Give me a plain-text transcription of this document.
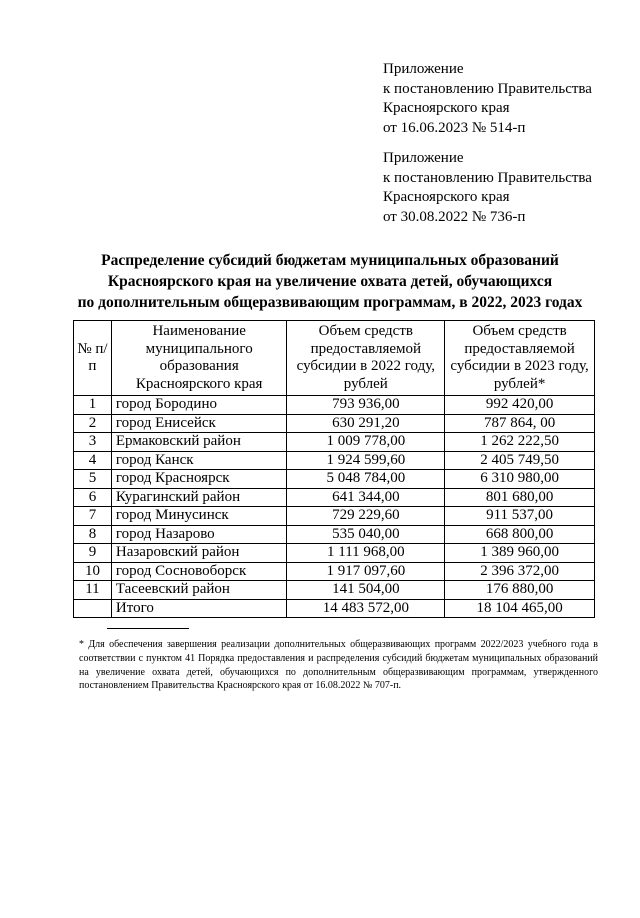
Приложение
к постановлению Правительства
Красноярского края
от 16.06.2023 № 514-п
Приложение
к постановлению Правительства
Красноярского края
от 30.08.2022 № 736-п
Распределение субсидий бюджетам муниципальных образований
Красноярского края на увеличение охвата детей, обучающихся
по дополнительным общеразвивающим программам, в 2022, 2023 годах
№ п/п	Наименование муниципального образования Красноярского края	Объем средств предоставляемой субсидии в 2022 году, рублей	Объем средств предоставляемой субсидии в 2023 году, рублей*
1	город Бородино	793 936,00	992 420,00
2	город Енисейск	630 291,20	787 864, 00
3	Ермаковский район	1 009 778,00	1 262 222,50
4	город Канск	1 924 599,60	2 405 749,50
5	город Красноярск	5 048 784,00	6 310 980,00
6	Курагинский район	641 344,00	801 680,00
7	город Минусинск	729 229,60	911 537,00
8	город Назарово	535 040,00	668 800,00
9	Назаровский район	1 111 968,00	1 389 960,00
10	город Сосновоборск	1 917 097,60	2 396 372,00
11	Тасеевский район	141 504,00	176 880,00
	Итого	14 483 572,00	18 104 465,00
* Для обеспечения завершения реализации дополнительных общеразвивающих программ 2022/2023 учебного года в соответствии с пунктом 41 Порядка предоставления и распределения субсидий бюджетам муниципальных образований на увеличение охвата детей, обучающихся по дополнительным общеразвивающим программам, утвержденного постановлением Правительства Красноярского края от 16.08.2022 № 707-п.
